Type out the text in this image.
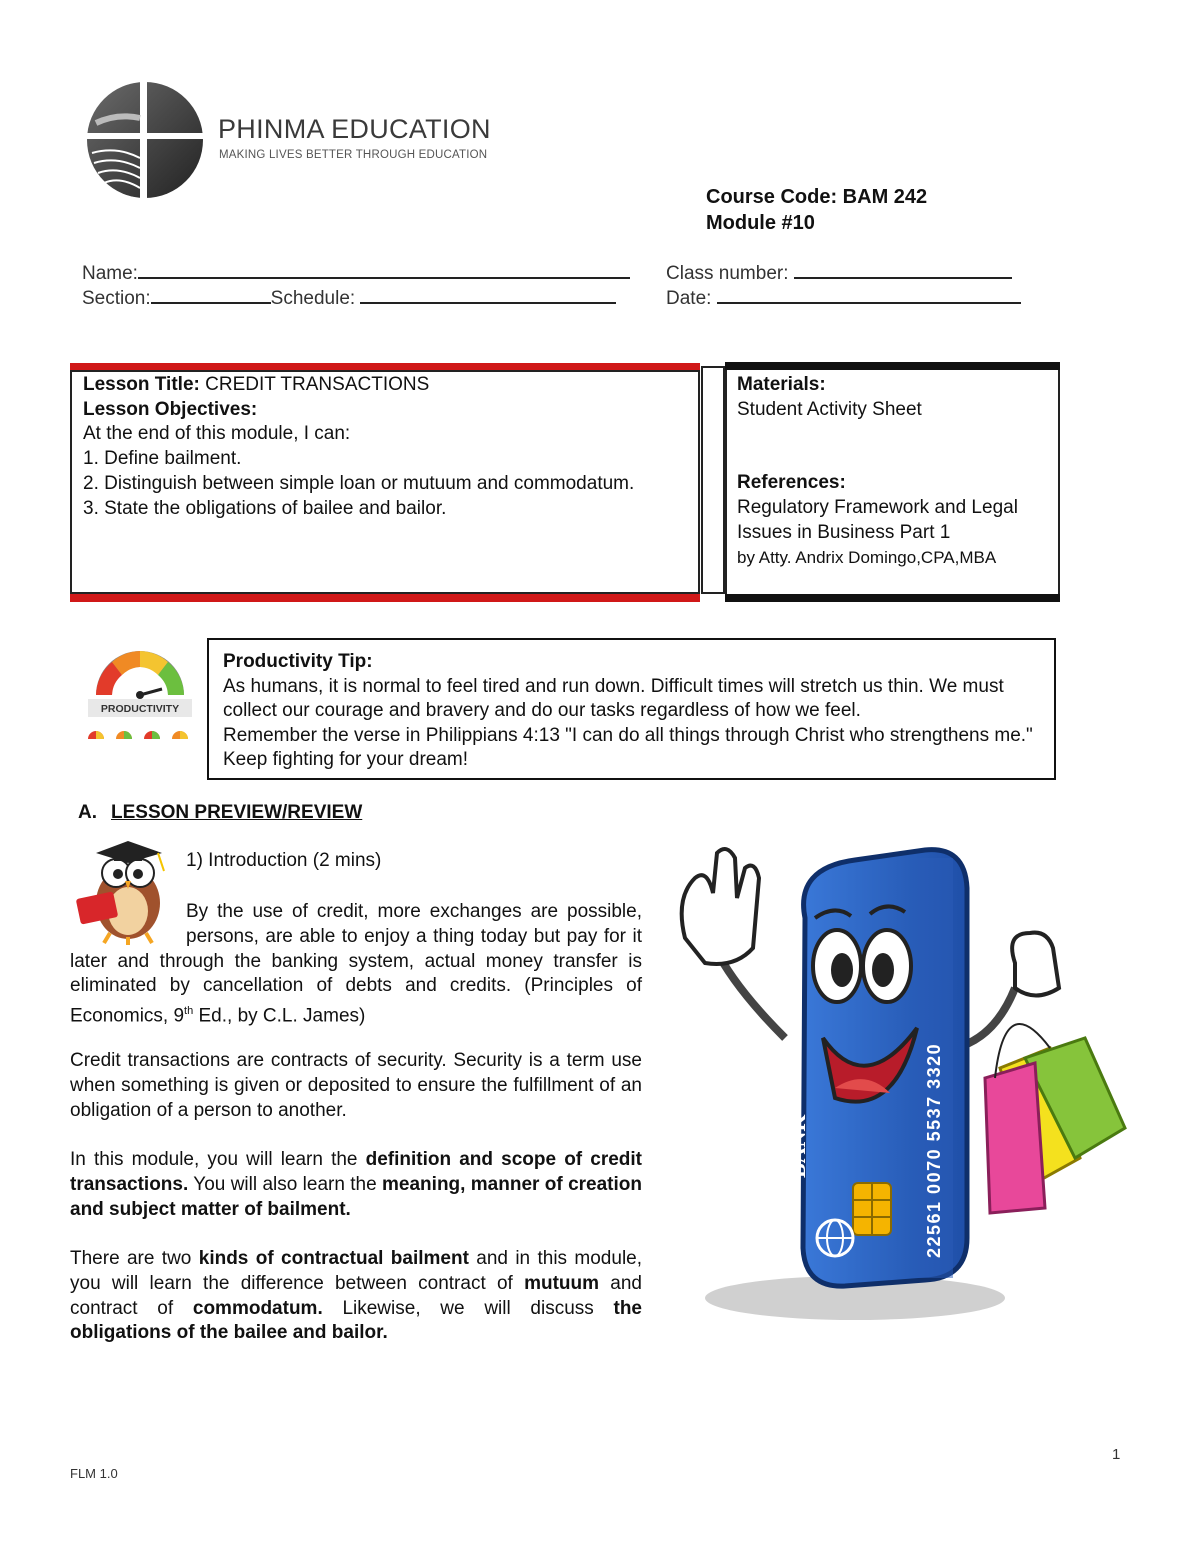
PHINMA EDUCATION
MAKING LIVES BETTER THROUGH EDUCATION
Course Code: BAM 242
Module #10
Name:
Section:	Schedule:
Class number:
Date:
Lesson Title: CREDIT TRANSACTIONS
Lesson Objectives:
At the end of this module, I can:
1. Define bailment.
2. Distinguish between simple loan or mutuum and commodatum.
3. State the obligations of bailee and bailor.
Materials:
Student Activity Sheet
References:
Regulatory Framework and Legal Issues in Business Part 1
by Atty. Andrix Domingo,CPA,MBA
PRODUCTIVITY
Productivity Tip:
As humans, it is normal to feel tired and run down. Difficult times will stretch us thin. We must collect our courage and bravery and do our tasks regardless of how we feel.
Remember the verse in Philippians 4:13 "I can do all things through Christ who strengthens me." Keep fighting for your dream!
A. LESSON PREVIEW/REVIEW
1) Introduction (2 mins)
By the use of credit, more exchanges are possible, persons, are able to enjoy a thing today but pay for it later and through the banking system, actual money transfer is eliminated by cancellation of debts and credits. (Principles of Economics, 9th Ed., by C.L. James)
Credit transactions are contracts of security. Security is a term use when something is given or deposited to ensure the fulfillment of an obligation of a person to another.
In this module, you will learn the definition and scope of credit transactions. You will also learn the meaning, manner of creation and subject matter of bailment.
There are two kinds of contractual bailment and in this module, you will learn the difference between contract of mutuum and contract of commodatum. Likewise, we will discuss the obligations of the bailee and bailor.
BANK	22561 0070 5537 3320
FLM 1.0
1
